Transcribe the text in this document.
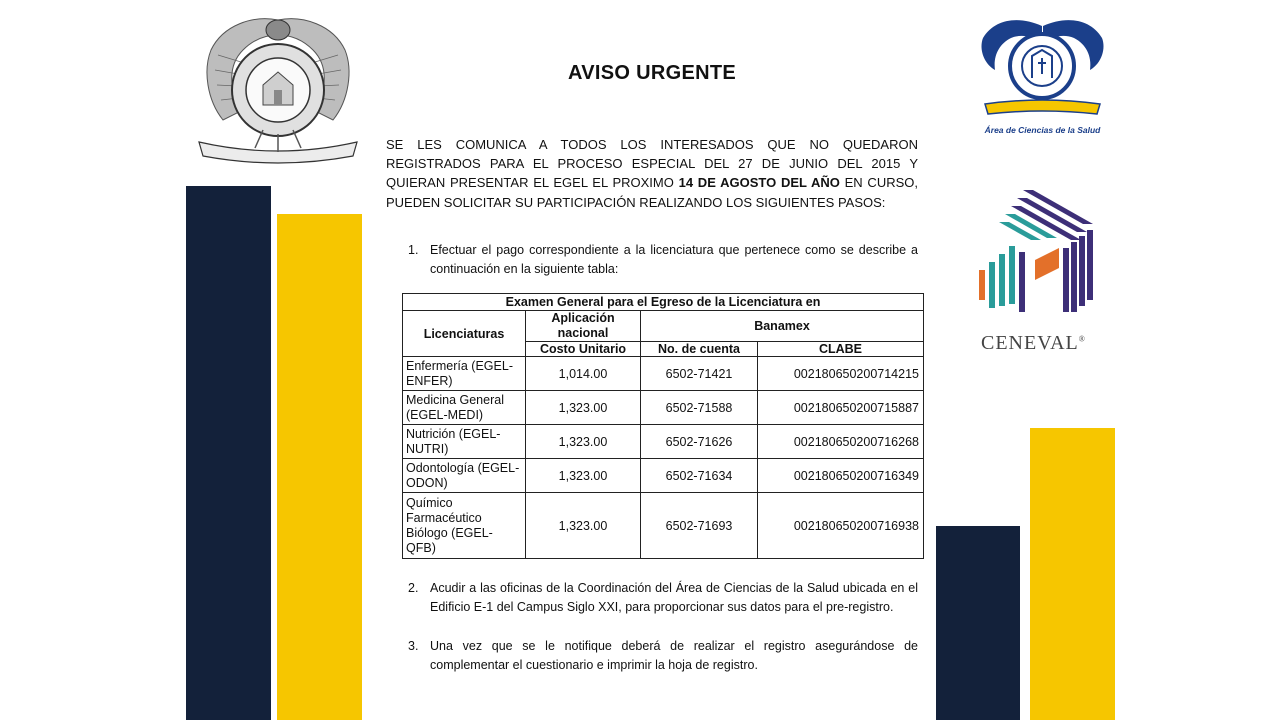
Área de Ciencias de la Salud
CENEVAL®
AVISO URGENTE

SE LES COMUNICA A TODOS LOS INTERESADOS QUE NO QUEDARON REGISTRADOS PARA EL PROCESO ESPECIAL DEL 27 DE JUNIO DEL 2015 Y QUIERAN PRESENTAR EL EGEL EL PROXIMO 14 DE AGOSTO DEL AÑO EN CURSO, PUEDEN SOLICITAR SU PARTICIPACIÓN REALIZANDO LOS SIGUIENTES PASOS:

1. Efectuar el pago correspondiente a la licenciatura que pertenece como se describe a continuación en la siguiente tabla:

Examen General para el Egreso de la Licenciatura en			
Licenciaturas	Aplicación nacional	Banamex	
	Costo Unitario	No. de cuenta	CLABE
Enfermería (EGEL-ENFER)	1,014.00	6502-71421	002180650200714215
Medicina General (EGEL-MEDI)	1,323.00	6502-71588	002180650200715887
Nutrición (EGEL-NUTRI)	1,323.00	6502-71626	002180650200716268
Odontología (EGEL-ODON)	1,323.00	6502-71634	002180650200716349
Químico Farmacéutico Biólogo (EGEL-QFB)	1,323.00	6502-71693	002180650200716938

2. Acudir a las oficinas de la Coordinación del Área de Ciencias de la Salud ubicada en el Edificio E-1 del Campus Siglo XXI, para proporcionar sus datos para el pre-registro.

3. Una vez que se le notifique deberá de realizar el registro asegurándose de complementar el cuestionario e imprimir la hoja de registro.
